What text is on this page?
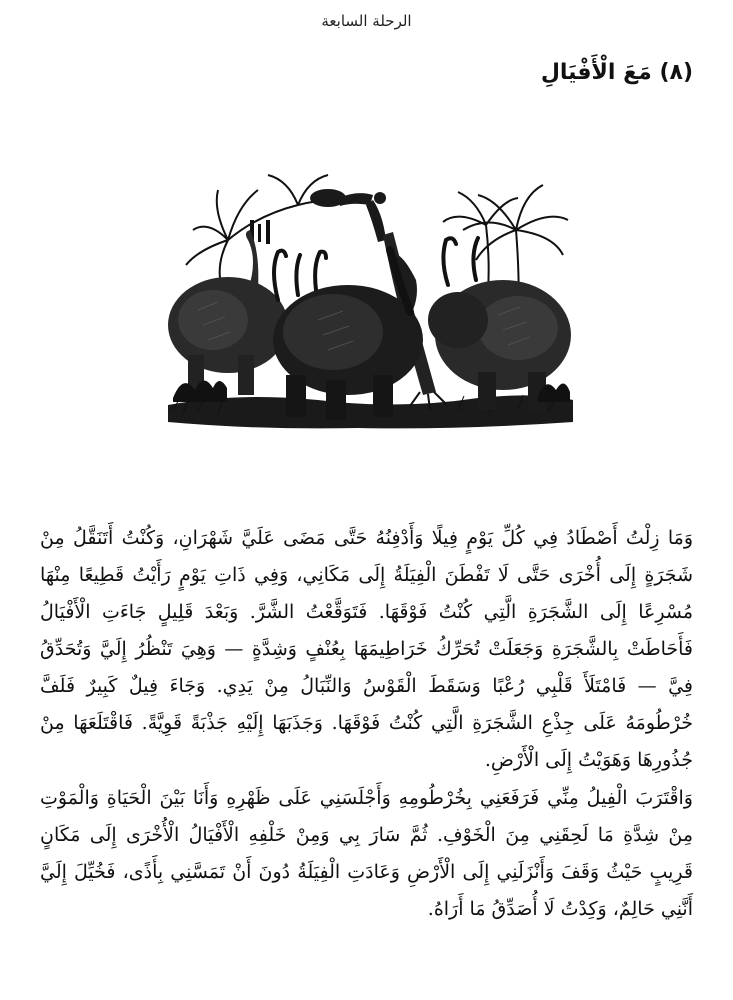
الرحلة السابعة
(٨) مَعَ الْأَفْيَالِ

وَمَا زِلْتُ أَصْطَادُ فِي كُلِّ يَوْمٍ فِيلًا وَأَدْفِنُهُ حَتَّى مَضَى عَلَيَّ شَهْرَانِ، وَكُنْتُ أَتَنَقَّلُ مِنْ شَجَرَةٍ إِلَى أُخْرَى حَتَّى لَا تَفْطَنَ الْفِيَلَةُ إِلَى مَكَانِي، وَفِي ذَاتِ يَوْمٍ رَأَيْتُ قَطِيعًا مِنْهَا مُسْرِعًا إِلَى الشَّجَرَةِ الَّتِي كُنْتُ فَوْقَهَا. فَتَوَقَّعْتُ الشَّرَّ. وَبَعْدَ قَلِيلٍ جَاءَتِ الْأَفْيَالُ فَأَحَاطَتْ بِالشَّجَرَةِ وَجَعَلَتْ تُحَرِّكُ خَرَاطِيمَهَا بِعُنْفٍ وَشِدَّةٍ — وَهِيَ تَنْظُرُ إِلَيَّ وَتُحَدِّقُ فِيَّ — فَامْتَلَأَ قَلْبِي رُعْبًا وَسَقَطَ الْقَوْسُ وَالنِّبَالُ مِنْ يَدِي. وَجَاءَ فِيلٌ كَبِيرٌ فَلَفَّ خُرْطُومَهُ عَلَى جِذْعِ الشَّجَرَةِ الَّتِي كُنْتُ فَوْقَهَا. وَجَذَبَهَا إِلَيْهِ جَذْبَةً قَوِيَّةً. فَاقْتَلَعَهَا مِنْ جُذُورِهَا وَهَوَيْتُ إِلَى الْأَرْضِ.

وَاقْتَرَبَ الْفِيلُ مِنِّي فَرَفَعَنِي بِخُرْطُومِهِ وَأَجْلَسَنِي عَلَى ظَهْرِهِ وَأَنَا بَيْنَ الْحَيَاةِ وَالْمَوْتِ مِنْ شِدَّةِ مَا لَحِقَنِي مِنَ الْخَوْفِ. ثُمَّ سَارَ بِي وَمِنْ خَلْفِهِ الْأَفْيَالُ الْأُخْرَى إِلَى مَكَانٍ قَرِيبٍ حَيْثُ وَقَفَ وَأَنْزَلَنِي إِلَى الْأَرْضِ وَعَادَتِ الْفِيَلَةُ دُونَ أَنْ تَمَسَّنِي بِأَذًى، فَخُيِّلَ إِلَيَّ أَنَّنِي حَالِمٌ، وَكِدْتُ لَا أُصَدِّقُ مَا أَرَاهُ.
